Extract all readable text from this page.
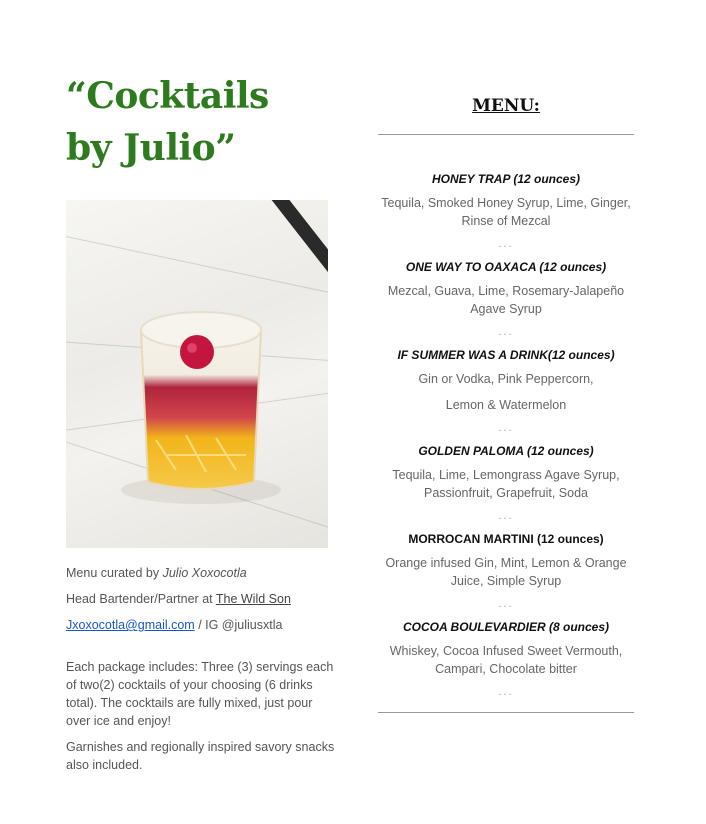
“Cocktails
by Julio”

Menu curated by Julio Xoxocotla

Head Bartender/Partner at The Wild Son

Jxoxocotla@gmail.com / IG @juliusxtla

Each package includes: Three (3) servings each of two(2) cocktails of your choosing (6 drinks total). The cocktails are fully mixed, just pour over ice and enjoy!

Garnishes and regionally inspired savory snacks also included.

MENU:

HONEY TRAP (12 ounces)

Tequila, Smoked Honey Syrup, Lime, Ginger, Rinse of Mezcal

...

ONE WAY TO OAXACA (12 ounces)

Mezcal, Guava, Lime, Rosemary-Jalapeño Agave Syrup

...

IF SUMMER WAS A DRINK(12 ounces)

Gin or Vodka, Pink Peppercorn,

Lemon & Watermelon

...

GOLDEN PALOMA (12 ounces)

Tequila, Lime, Lemongrass Agave Syrup, Passionfruit, Grapefruit, Soda

...

MORROCAN MARTINI (12 ounces)

Orange infused Gin, Mint, Lemon & Orange Juice, Simple Syrup

...

COCOA BOULEVARDIER (8 ounces)

Whiskey, Cocoa Infused Sweet Vermouth, Campari, Chocolate bitter

...
